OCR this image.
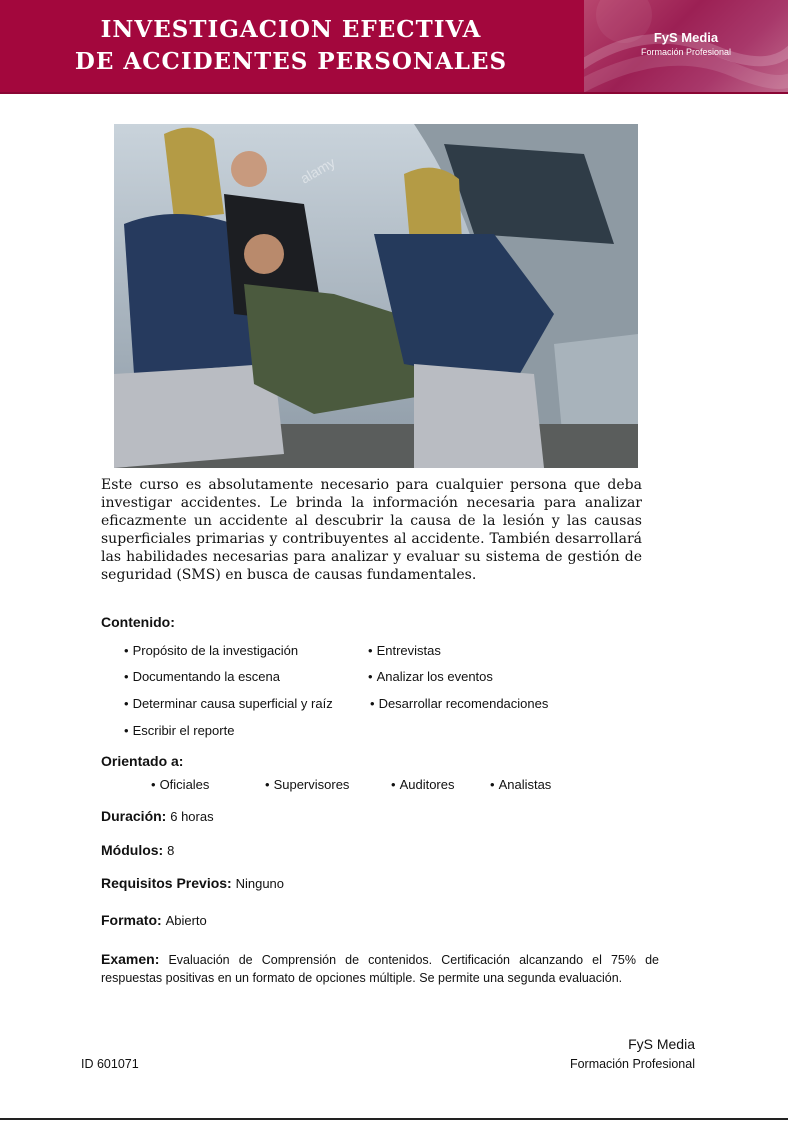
INVESTIGACION EFECTIVA
DE ACCIDENTES PERSONALES
FyS Media
Formación Profesional
alamy

Este curso es absolutamente necesario para cualquier persona que deba investigar accidentes. Le brinda la información necesaria para analizar eficazmente un accidente al descubrir la causa de la lesión y las causas superficiales primarias y contribuyentes al accidente. También desarrollará las habilidades necesarias para analizar y evaluar su sistema de gestión de seguridad (SMS) en busca de causas fundamentales.

Contenido:
• Propósito de la investigación	• Entrevistas
• Documentando la escena	• Analizar los eventos
• Determinar causa superficial y raíz	• Desarrollar recomendaciones
• Escribir el reporte
Orientado a:
• Oficiales	• Supervisores	• Auditores	• Analistas
Duración: 6 horas
Módulos: 8
Requisitos Previos: Ninguno
Formato: Abierto

Examen: Evaluación de Comprensión de contenidos. Certificación alcanzando el 75% de respuestas positivas en un formato de opciones múltiple. Se permite una segunda evaluación.

FyS Media
ID 601071	Formación Profesional
